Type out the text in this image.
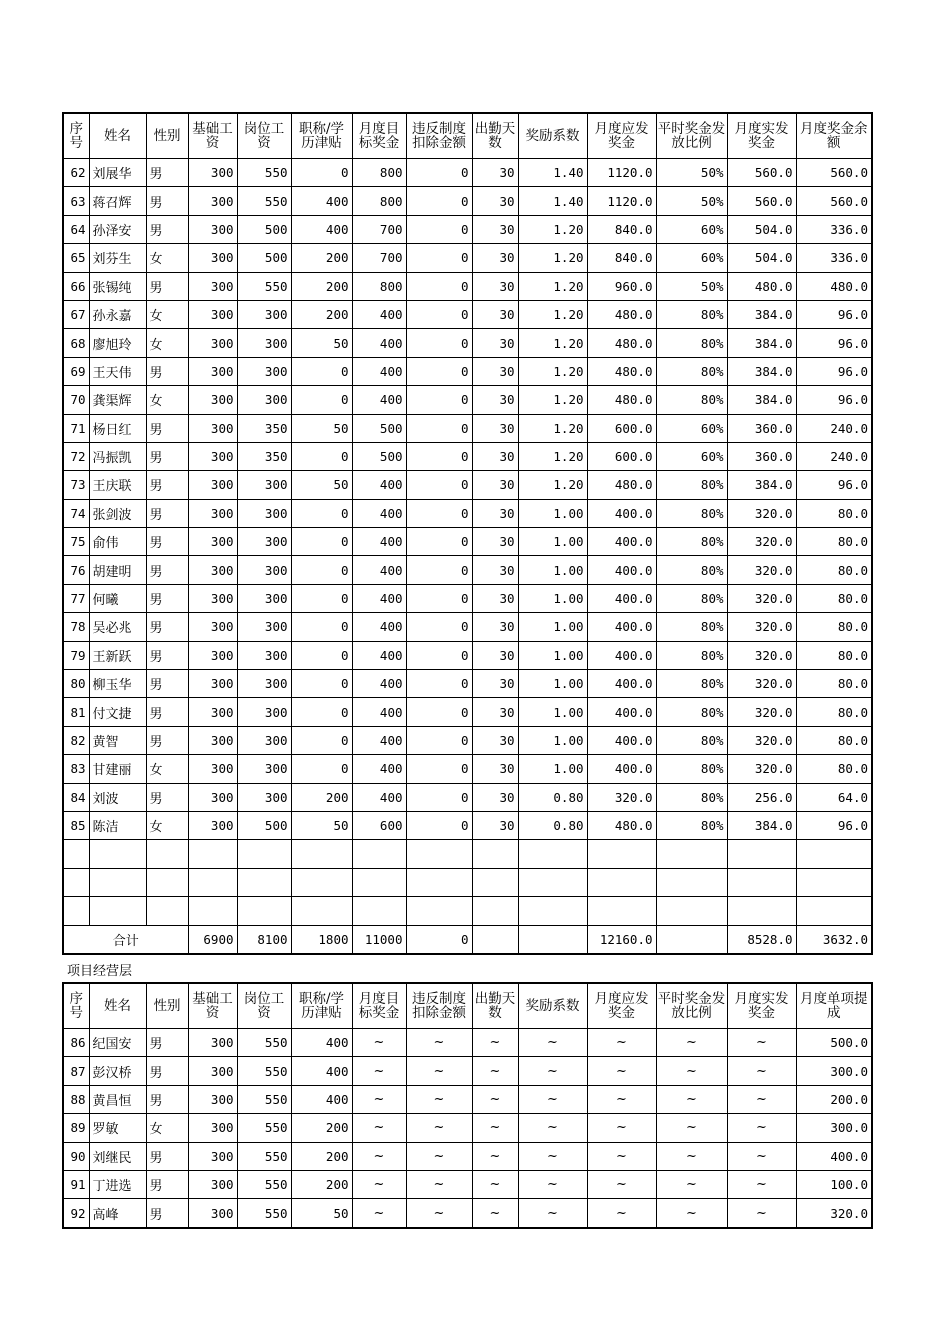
序号	姓名	性别	基础工资	岗位工资	职称/学历津贴	月度目标奖金	违反制度扣除金额	出勤天数	奖励系数	月度应发奖金	平时奖金发放比例	月度实发奖金	月度奖金余额
62	刘展华	男	300	550	0	800	0	30	1.40	1120.0	50%	560.0	560.0
63	蒋召辉	男	300	550	400	800	0	30	1.40	1120.0	50%	560.0	560.0
64	孙泽安	男	300	500	400	700	0	30	1.20	840.0	60%	504.0	336.0
65	刘芬生	女	300	500	200	700	0	30	1.20	840.0	60%	504.0	336.0
66	张锡纯	男	300	550	200	800	0	30	1.20	960.0	50%	480.0	480.0
67	孙永嘉	女	300	300	200	400	0	30	1.20	480.0	80%	384.0	96.0
68	廖旭玲	女	300	300	50	400	0	30	1.20	480.0	80%	384.0	96.0
69	王天伟	男	300	300	0	400	0	30	1.20	480.0	80%	384.0	96.0
70	龚渠辉	女	300	300	0	400	0	30	1.20	480.0	80%	384.0	96.0
71	杨日红	男	300	350	50	500	0	30	1.20	600.0	60%	360.0	240.0
72	冯振凯	男	300	350	0	500	0	30	1.20	600.0	60%	360.0	240.0
73	王庆联	男	300	300	50	400	0	30	1.20	480.0	80%	384.0	96.0
74	张剑波	男	300	300	0	400	0	30	1.00	400.0	80%	320.0	80.0
75	俞伟	男	300	300	0	400	0	30	1.00	400.0	80%	320.0	80.0
76	胡建明	男	300	300	0	400	0	30	1.00	400.0	80%	320.0	80.0
77	何曦	男	300	300	0	400	0	30	1.00	400.0	80%	320.0	80.0
78	吴必兆	男	300	300	0	400	0	30	1.00	400.0	80%	320.0	80.0
79	王新跃	男	300	300	0	400	0	30	1.00	400.0	80%	320.0	80.0
80	柳玉华	男	300	300	0	400	0	30	1.00	400.0	80%	320.0	80.0
81	付文捷	男	300	300	0	400	0	30	1.00	400.0	80%	320.0	80.0
82	黄智	男	300	300	0	400	0	30	1.00	400.0	80%	320.0	80.0
83	甘建丽	女	300	300	0	400	0	30	1.00	400.0	80%	320.0	80.0
84	刘波	男	300	300	200	400	0	30	0.80	320.0	80%	256.0	64.0
85	陈洁	女	300	500	50	600	0	30	0.80	480.0	80%	384.0	96.0

合计			6900	8100	1800	11000	0			12160.0		8528.0	3632.0
项目经营层
序号	姓名	性别	基础工资	岗位工资	职称/学历津贴	月度目标奖金	违反制度扣除金额	出勤天数	奖励系数	月度应发奖金	平时奖金发放比例	月度实发奖金	月度单项提成
86	纪国安	男	300	550	400	~	~	~	~	~	~	~	500.0
87	彭汉桥	男	300	550	400	~	~	~	~	~	~	~	300.0
88	黄昌恒	男	300	550	400	~	~	~	~	~	~	~	200.0
89	罗敏	女	300	550	200	~	~	~	~	~	~	~	300.0
90	刘继民	男	300	550	200	~	~	~	~	~	~	~	400.0
91	丁进选	男	300	550	200	~	~	~	~	~	~	~	100.0
92	高峰	男	300	550	50	~	~	~	~	~	~	~	320.0
